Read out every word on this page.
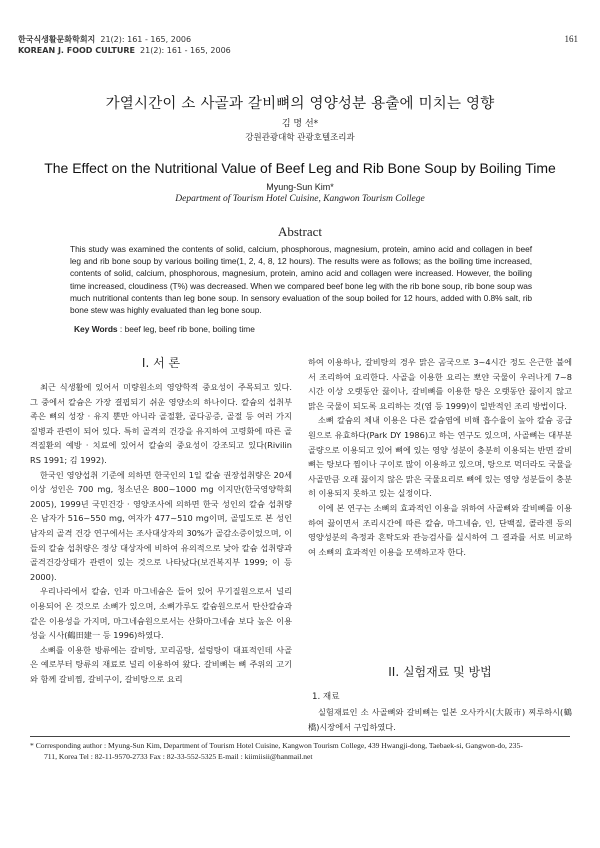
한국식생활문화학회지 21(2): 161 - 165, 2006
KOREAN J. FOOD CULTURE 21(2): 161 - 165, 2006
161
가열시간이 소 사골과 갈비뼈의 영양성분 용출에 미치는 영향
김 명 선*
강원관광대학 관광호텔조리과
The Effect on the Nutritional Value of Beef Leg and Rib Bone Soup by Boiling Time
Myung-Sun Kim*
Department of Tourism Hotel Cuisine, Kangwon Tourism College
Abstract
This study was examined the contents of solid, calcium, phosphorous, magnesium, protein, amino acid and collagen in beef leg and rib bone soup by various boiling time(1, 2, 4, 8, 12 hours). The results were as follows; as the boiling time increased, contents of solid, calcium, phosphorous, magnesium, protein, amino acid and collagen were increased. However, the boiling time increased, cloudiness (T%) was decreased. When we compared beef bone leg with the rib bone soup, rib bone soup was much nutritional contents than leg bone soup. In sensory evaluation of the soup boiled for 12 hours, added with 0.8% salt, rib bone stew was highly evaluated than leg bone soup.
Key Words : beef leg, beef rib bone, boiling time
I. 서 론

최근 식생활에 있어서 미량원소의 영양학적 중요성이 주목되고 있다. 그 중에서 칼슘은 가장 결핍되기 쉬운 영양소의 하나이다. 칼슘의 섭취부족은 뼈의 성장 · 유지 뿐만 아니라 골절환, 골다공증, 골절 등 여러 가지 질병과 관련이 되어 있다. 특히 골격의 건강을 유지하여 고령화에 따른 골격질환의 예방 · 치료에 있어서 칼슘의 중요성이 강조되고 있다(Rivilin RS 1991; 김 1992).

한국인 영양섭취 기준에 의하면 한국인의 1일 칼슘 권장섭취량은 20세 이상 성인은 700 mg, 청소년은 800~1000 mg 이지만(한국영양학회 2005), 1999년 국민건강 · 영양조사에 의하면 한국 성인의 칼슘 섭취량은 남자가 516~550 mg, 여자가 477~510 mg이며, 골밀도로 본 성인 남자의 골격 건강 연구에서는 조사대상자의 30%가 골감소증이었으며, 이들의 칼슘 섭취량은 정상 대상자에 비하여 유의적으로 낮아 칼슘 섭취량과 골격건강상태가 관련이 있는 것으로 나타났다(보건복지부 1999; 이 등 2000).

우리나라에서 칼슘, 인과 마그네슘은 들어 있어 무기질원으로서 널리 이용되어 온 것으로 소뼈가 있으며, 소뼈가루도 칼슘원으로서 탄산칼슘과 같은 이용성을 가지며, 마그네슘원으로서는 산화마그네슘 보다 높은 이용성을 시사(鶴田建一 등 1996)하였다.

소뼈를 이용한 방류에는 갈비탕, 꼬리곰탕, 설렁탕이 대표적인데 사골은 예로부터 탕류의 재료로 널리 이용하여 왔다. 갈비뼈는 뼈 주위의 고기와 함께 갈비찜, 갈비구이, 갈비탕으로 요리

하여 이용하나, 갈비탕의 경우 맑은 곰국으로 3~4시간 정도 은근한 불에서 조리하여 요리한다. 사골을 이용한 요리는 뽀얀 국물이 우러나게 7~8시간 이상 오랫동안 끓이나, 갈비뼈를 이용한 탕은 오랫동안 끓이지 않고 맑은 국물이 되도록 요리하는 것(염 등 1999)이 일반적인 조리 방법이다.

소뼈 칼슘의 체내 이용은 다른 칼슘염에 비해 흡수율이 높아 칼슘 공급원으로 유효하다(Park DY 1986)고 하는 연구도 있으며, 사골뼈는 대부분 골량으로 이용되고 있어 뼈에 있는 영양 성분이 충분히 이용되는 반면 갈비뼈는 탕보다 찜이나 구이로 많이 이용하고 있으며, 탕으로 먹더라도 국물을 사골만큼 오래 끓이지 않은 맑은 국물요리로 뼈에 있는 영양 성분들이 충분히 이용되지 못하고 있는 실정이다.

이에 본 연구는 소뼈의 효과적인 이용을 위하여 사골뼈와 갈비뼈를 이용하여 끓이면서 조리시간에 따른 칼슘, 마그네슘, 인, 단백질, 콜라겐 등의 영양성분의 측정과 혼탁도와 관능검사를 실시하여 그 결과를 서로 비교하여 소뼈의 효과적인 이용을 모색하고자 한다.

II. 실험재료 및 방법
1. 재료

실험재료인 소 사골뼈와 갈비뼈는 일본 오사카시(大阪市) 찌루하시(鶴橋)시장에서 구입하였다.

* Corresponding author : Myung-Sun Kim, Department of Tourism Hotel Cuisine, Kangwon Tourism College, 439 Hwangji-dong, Taebaek-si, Gangwon-do, 235-
711, Korea Tel : 82-11-9570-2733 Fax : 82-33-552-5325 E-mail : kiimiisii@hanmail.net
